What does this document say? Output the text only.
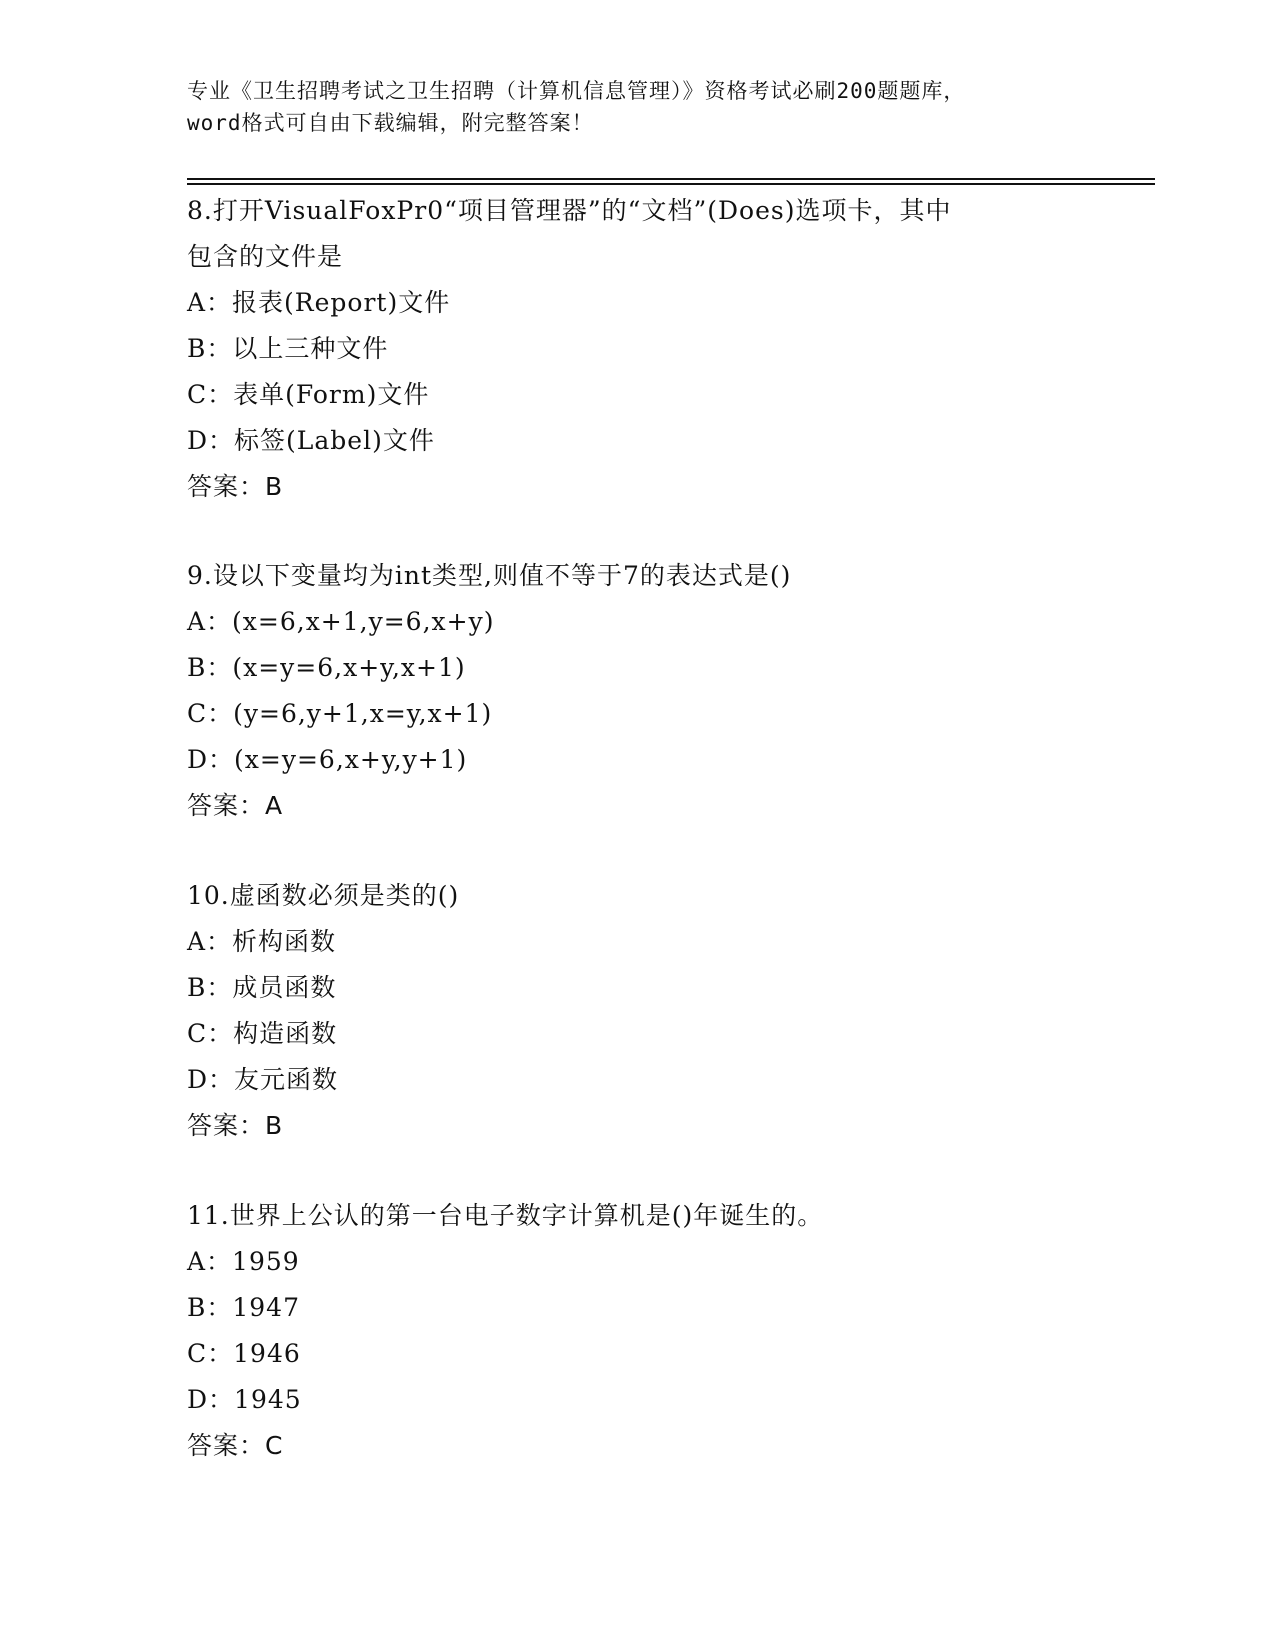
专业《卫生招聘考试之卫生招聘（计算机信息管理）》资格考试必刷200题题库，
word格式可自由下载编辑，附完整答案！
8.打开VisualFoxPr0“项目管理器”的“文档”(Does)选项卡，其中
包含的文件是
A：报表(Report)文件
B：以上三种文件
C：表单(Form)文件
D：标签(Label)文件
答案：B
9.设以下变量均为int类型,则值不等于7的表达式是()
A：(x=6,x+1,y=6,x+y)
B：(x=y=6,x+y,x+1)
C：(y=6,y+1,x=y,x+1)
D：(x=y=6,x+y,y+1)
答案：A
10.虚函数必须是类的()
A：析构函数
B：成员函数
C：构造函数
D：友元函数
答案：B
11.世界上公认的第一台电子数字计算机是()年诞生的。
A：1959
B：1947
C：1946
D：1945
答案：C
